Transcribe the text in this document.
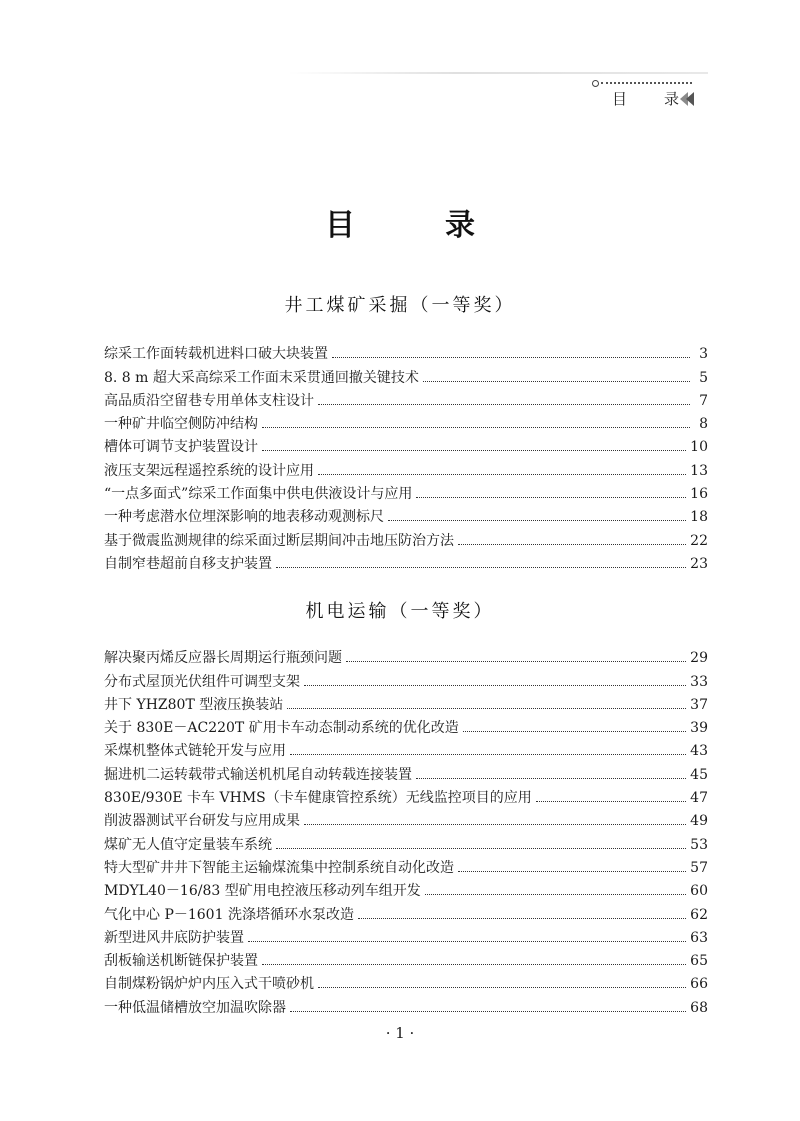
目录
目	录
井工煤矿采掘（一等奖）
综采工作面转载机进料口破大块装置	3
8. 8 m 超大采高综采工作面末采贯通回撤关键技术	5
高品质沿空留巷专用单体支柱设计	7
一种矿井临空侧防冲结构	8
槽体可调节支护装置设计	10
液压支架远程遥控系统的设计应用	13
“一点多面式”综采工作面集中供电供液设计与应用	16
一种考虑潜水位埋深影响的地表移动观测标尺	18
基于微震监测规律的综采面过断层期间冲击地压防治方法	22
自制窄巷超前自移支护装置	23
机电运输（一等奖）
解决聚丙烯反应器长周期运行瓶颈问题	29
分布式屋顶光伏组件可调型支架	33
井下 YHZ80T 型液压换装站	37
关于 830E－AC220T 矿用卡车动态制动系统的优化改造	39
采煤机整体式链轮开发与应用	43
掘进机二运转载带式输送机机尾自动转载连接装置	45
830E/930E 卡车 VHMS（卡车健康管控系统）无线监控项目的应用	47
削波器测试平台研发与应用成果	49
煤矿无人值守定量装车系统	53
特大型矿井井下智能主运输煤流集中控制系统自动化改造	57
MDYL40－16/83 型矿用电控液压移动列车组开发	60
气化中心 P－1601 洗涤塔循环水泵改造	62
新型进风井底防护装置	63
刮板输送机断链保护装置	65
自制煤粉锅炉炉内压入式干喷砂机	66
一种低温储槽放空加温吹除器	68
· 1 ·
